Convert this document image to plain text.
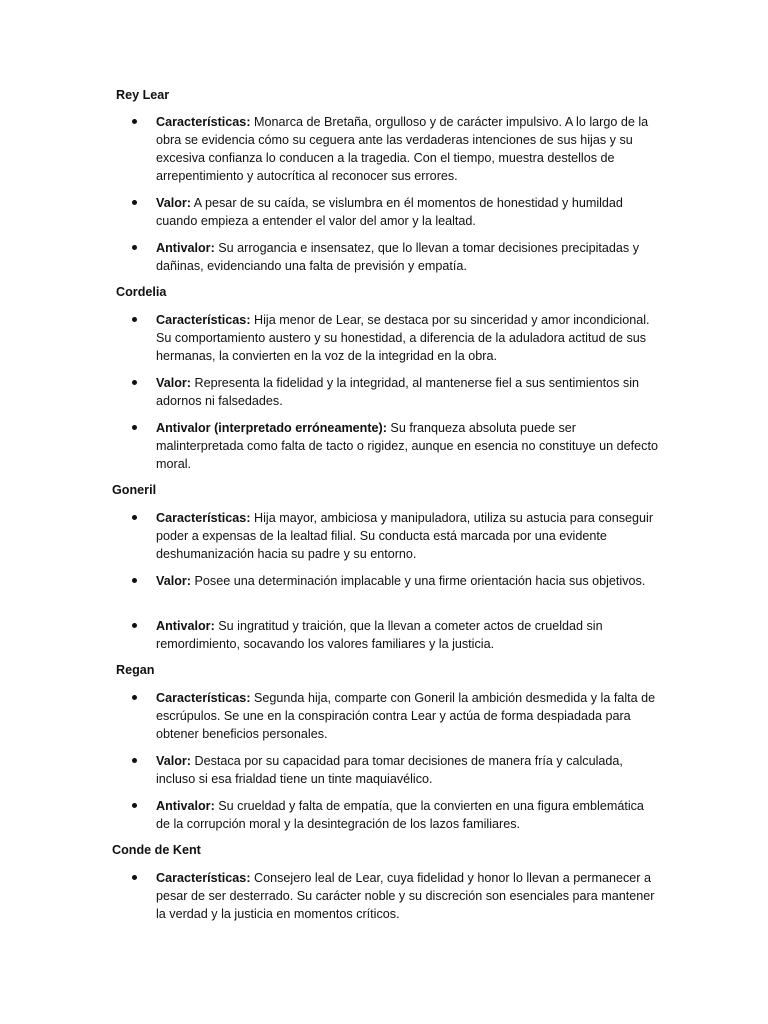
Rey Lear

Características: Monarca de Bretaña, orgulloso y de carácter impulsivo. A lo largo de la obra se evidencia cómo su ceguera ante las verdaderas intenciones de sus hijas y su excesiva confianza lo conducen a la tragedia. Con el tiempo, muestra destellos de arrepentimiento y autocrítica al reconocer sus errores.

Valor: A pesar de su caída, se vislumbra en él momentos de honestidad y humildad cuando empieza a entender el valor del amor y la lealtad.

Antivalor: Su arrogancia e insensatez, que lo llevan a tomar decisiones precipitadas y dañinas, evidenciando una falta de previsión y empatía.

Cordelia

Características: Hija menor de Lear, se destaca por su sinceridad y amor incondicional. Su comportamiento austero y su honestidad, a diferencia de la aduladora actitud de sus hermanas, la convierten en la voz de la integridad en la obra.

Valor: Representa la fidelidad y la integridad, al mantenerse fiel a sus sentimientos sin adornos ni falsedades.

Antivalor (interpretado erróneamente): Su franqueza absoluta puede ser malinterpretada como falta de tacto o rigidez, aunque en esencia no constituye un defecto moral.

Goneril

Características: Hija mayor, ambiciosa y manipuladora, utiliza su astucia para conseguir poder a expensas de la lealtad filial. Su conducta está marcada por una evidente deshumanización hacia su padre y su entorno.

Valor: Posee una determinación implacable y una firme orientación hacia sus objetivos.

Antivalor: Su ingratitud y traición, que la llevan a cometer actos de crueldad sin remordimiento, socavando los valores familiares y la justicia.

Regan

Características: Segunda hija, comparte con Goneril la ambición desmedida y la falta de escrúpulos. Se une en la conspiración contra Lear y actúa de forma despiadada para obtener beneficios personales.

Valor: Destaca por su capacidad para tomar decisiones de manera fría y calculada, incluso si esa frialdad tiene un tinte maquiavélico.

Antivalor: Su crueldad y falta de empatía, que la convierten en una figura emblemática de la corrupción moral y la desintegración de los lazos familiares.

Conde de Kent

Características: Consejero leal de Lear, cuya fidelidad y honor lo llevan a permanecer a pesar de ser desterrado. Su carácter noble y su discreción son esenciales para mantener la verdad y la justicia en momentos críticos.
